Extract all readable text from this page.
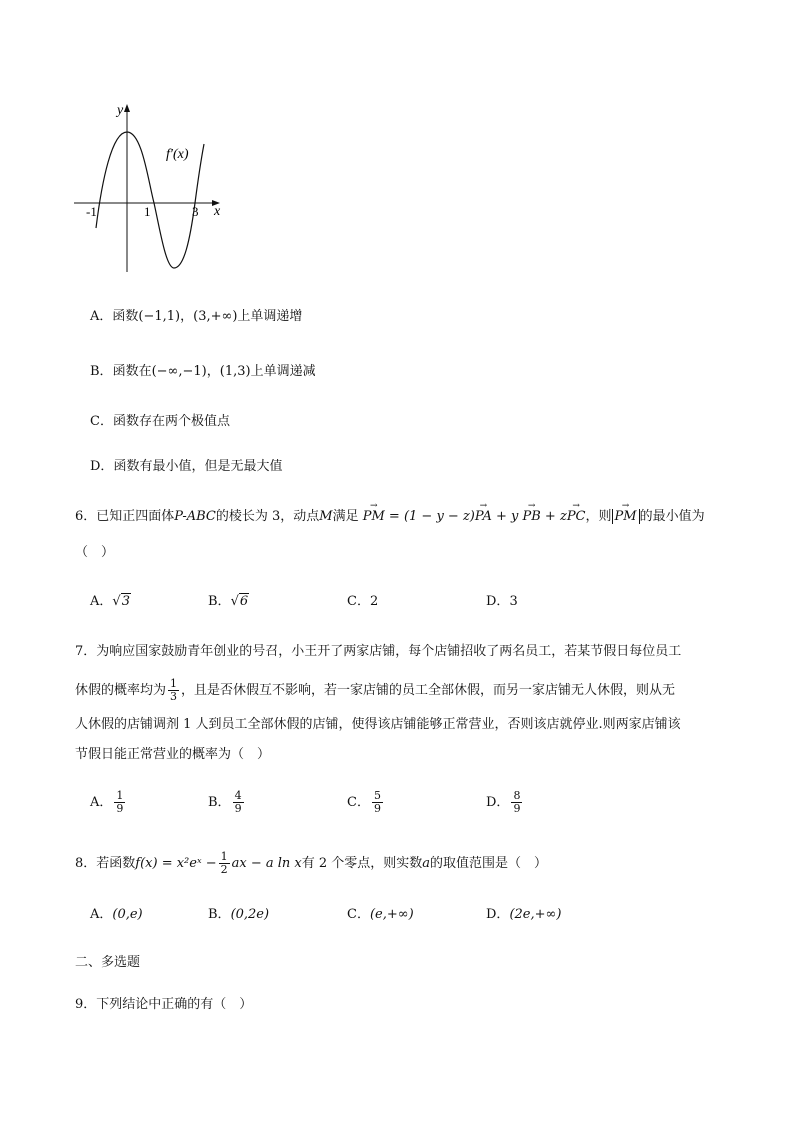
y
x
f′(x)
-1	1	3
A．函数(−1,1)，(3,+∞)上单调递增
B．函数在(−∞,−1)，(1,3)上单调递减
C．函数存在两个极值点
D．函数有最小值，但是无最大值
6．已知正四面体P-ABC的棱长为 3，动点M满足 → PM = (1 − y − z)→ PA + y → PB + z→ PC，则 → PM 的最小值为
（　）
A．√3	B．√6	C．2	D．3
7．为响应国家鼓励青年创业的号召，小王开了两家店铺，每个店铺招收了两名员工，若某节假日每位员工
休假的概率均为 $\frac{1}{3}$ ，且是否休假互不影响，若一家店铺的员工全部休假，而另一家店铺无人休假，则从无
人休假的店铺调剂 1 人到员工全部休假的店铺，使得该店铺能够正常营业，否则该店就停业.则两家店铺该
节假日能正常营业的概率为（　）
A． $\frac{1}{9}$	B． $\frac{4}{9}$	C． $\frac{5}{9}$	D． $\frac{8}{9}$
8．若函数f(x) = x²eˣ − $\frac{1}{2}$ ax − a ln x有 2 个零点，则实数a的取值范围是（　）
A．(0,e)	B．(0,2e)	C．(e,+∞)	D．(2e,+∞)
二、多选题
9．下列结论中正确的有（　）
